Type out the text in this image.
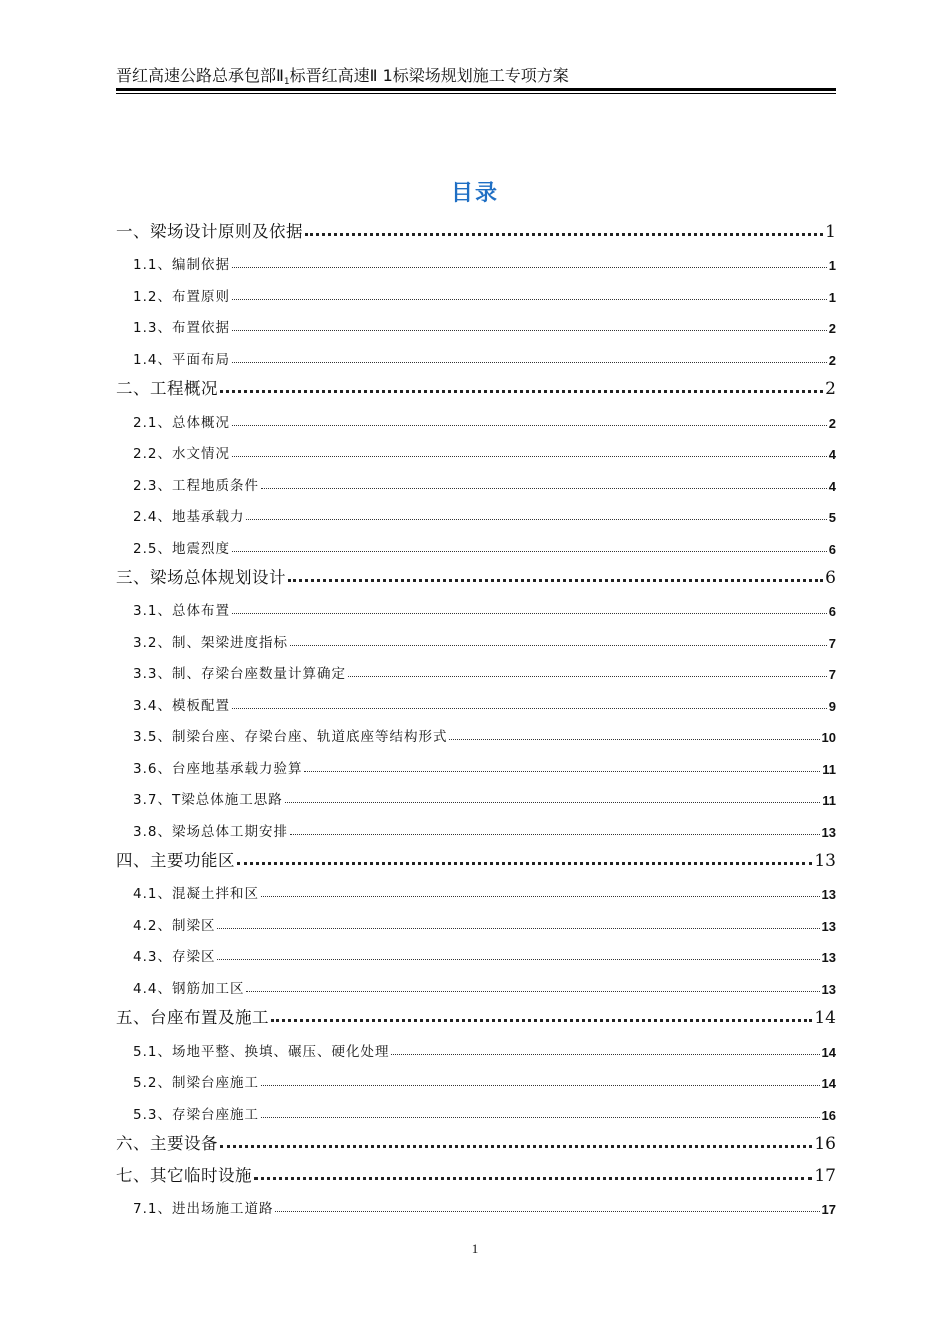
晋红高速公路总承包部$Ⅱ_1$标晋红高速Ⅱ 1标梁场规划施工专项方案
目录
一、梁场设计原则及依据	1
1.1、编制依据	1
1.2、布置原则	1
1.3、布置依据	2
1.4、平面布局	2
二、工程概况	2
2.1、总体概况	2
2.2、水文情况	4
2.3、工程地质条件	4
2.4、地基承载力	5
2.5、地震烈度	6
三、梁场总体规划设计	6
3.1、总体布置	6
3.2、制、架梁进度指标	7
3.3、制、存梁台座数量计算确定	7
3.4、模板配置	9
3.5、制梁台座、存梁台座、轨道底座等结构形式	10
3.6、台座地基承载力验算	11
3.7、T梁总体施工思路	11
3.8、梁场总体工期安排	13
四、主要功能区	13
4.1、混凝土拌和区	13
4.2、制梁区	13
4.3、存梁区	13
4.4、钢筋加工区	13
五、台座布置及施工	14
5.1、场地平整、换填、碾压、硬化处理	14
5.2、制梁台座施工	14
5.3、存梁台座施工	16
六、主要设备	16
七、其它临时设施	17
7.1、进出场施工道路	17
1
